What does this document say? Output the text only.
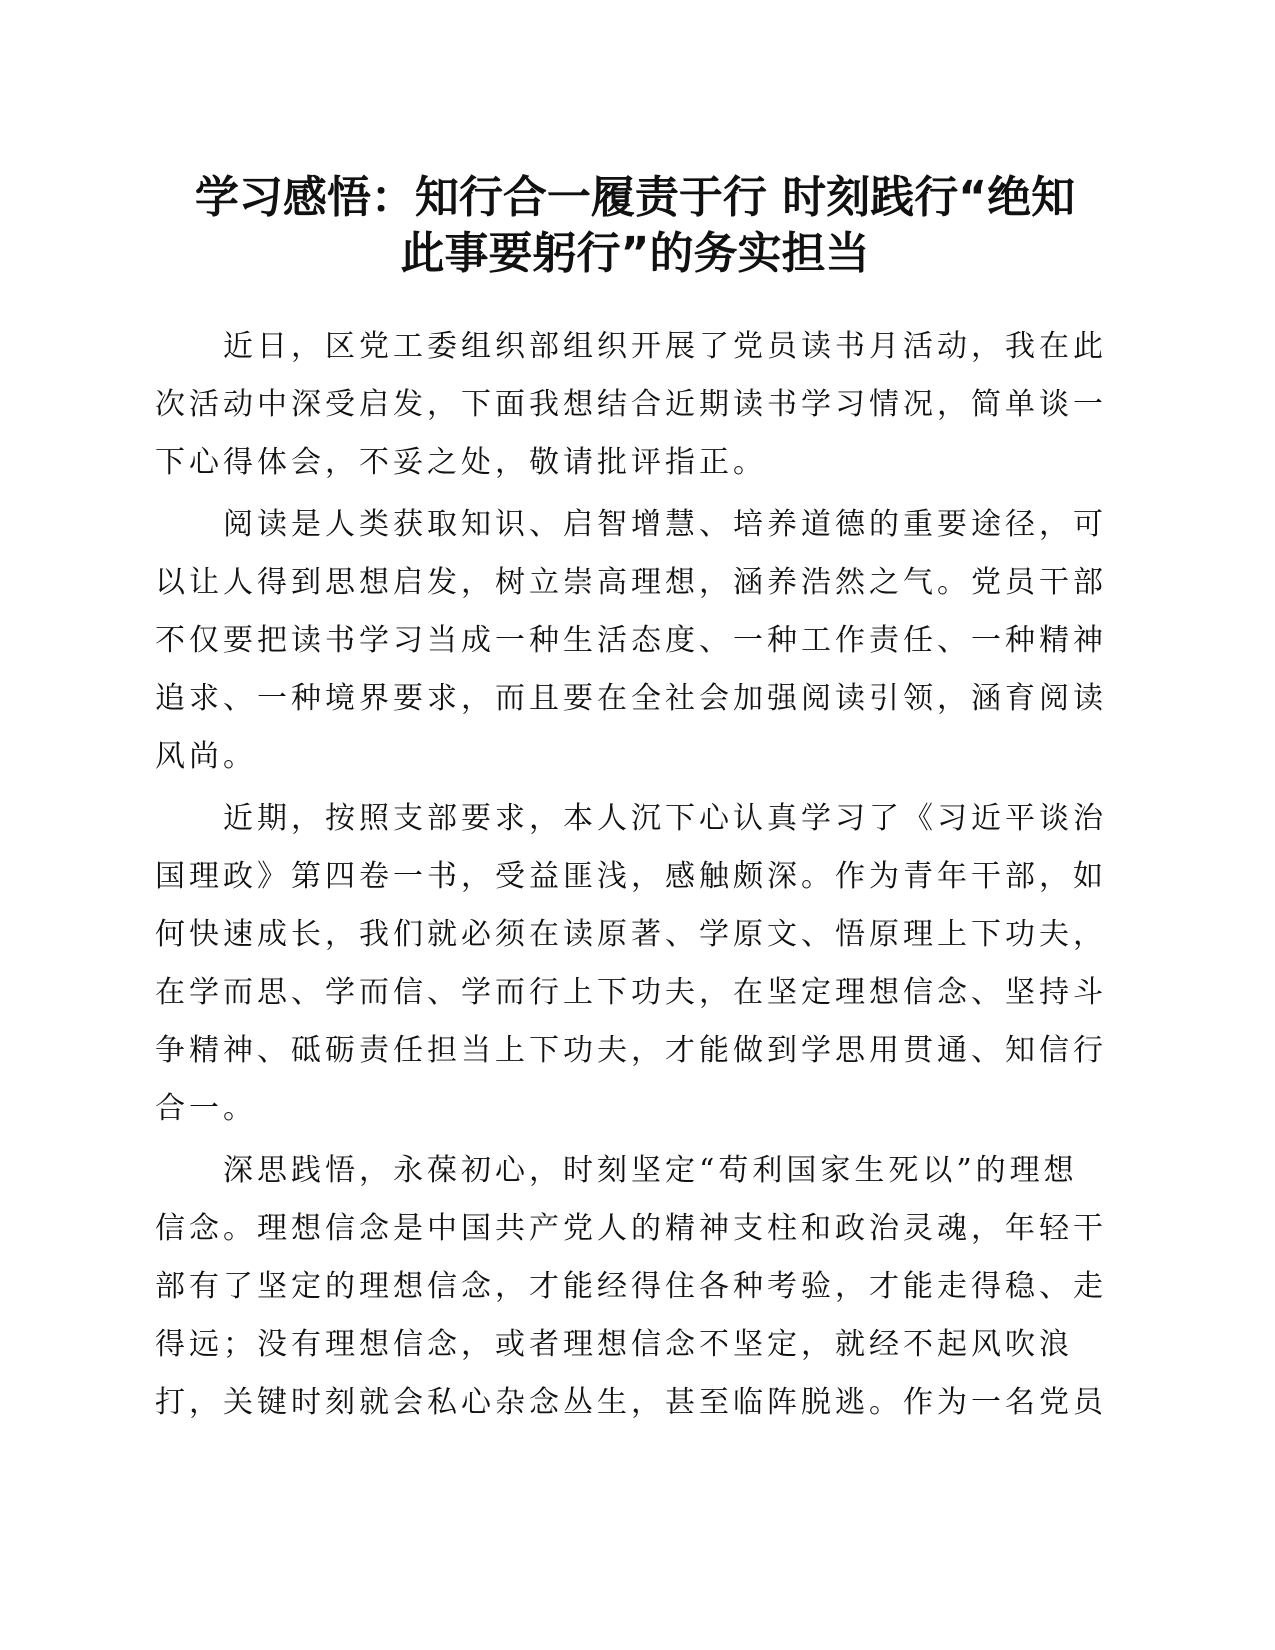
学习感悟：知行合一履责于行 时刻践行“绝知
此事要躬行”的务实担当

　　近日，区党工委组织部组织开展了党员读书月活动，我在此
次活动中深受启发，下面我想结合近期读书学习情况，简单谈一
下心得体会，不妥之处，敬请批评指正。

　　阅读是人类获取知识、启智增慧、培养道德的重要途径，可
以让人得到思想启发，树立崇高理想，涵养浩然之气。党员干部
不仅要把读书学习当成一种生活态度、一种工作责任、一种精神
追求、一种境界要求，而且要在全社会加强阅读引领，涵育阅读
风尚。

　　近期，按照支部要求，本人沉下心认真学习了《习近平谈治
国理政》第四卷一书，受益匪浅，感触颇深。作为青年干部，如
何快速成长，我们就必须在读原著、学原文、悟原理上下功夫，
在学而思、学而信、学而行上下功夫，在坚定理想信念、坚持斗
争精神、砥砺责任担当上下功夫，才能做到学思用贯通、知信行
合一。

　　深思践悟，永葆初心，时刻坚定“苟利国家生死以”的理想
信念。理想信念是中国共产党人的精神支柱和政治灵魂，年轻干
部有了坚定的理想信念，才能经得住各种考验，才能走得稳、走
得远；没有理想信念，或者理想信念不坚定，就经不起风吹浪
打，关键时刻就会私心杂念丛生，甚至临阵脱逃。作为一名党员
